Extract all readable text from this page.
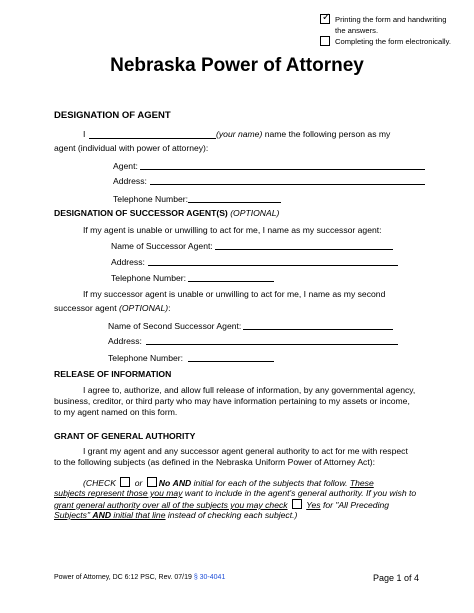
✓ Printing the form and handwriting
the answers.
Completing the form electronically.
Nebraska Power of Attorney
DESIGNATION OF AGENT
I	(your name) name the following person as my
agent (individual with power of attorney):
Agent:
Address:
Telephone Number:
DESIGNATION OF SUCCESSOR AGENT(S) (OPTIONAL)
If my agent is unable or unwilling to act for me, I name as my successor agent:
Name of Successor Agent:
Address:
Telephone Number:
If my successor agent is unable or unwilling to act for me, I name as my second
successor agent (OPTIONAL):
Name of Second Successor Agent:
Address:
Telephone Number:
RELEASE OF INFORMATION
I agree to, authorize, and allow full release of information, by any governmental agency,
business, creditor, or third party who may have information pertaining to my assets or income,
to my agent named on this form.
GRANT OF GENERAL AUTHORITY
I grant my agent and any successor agent general authority to act for me with respect
to the following subjects (as defined in the Nebraska Uniform Power of Attorney Act):
(CHECK  or No AND initial for each of the subjects that follow. These
subjects represent those you may want to include in the agent's general authority. If you wish to
grant general authority over all of the subjects you may check Yes for "All Preceding
Subjects" AND initial that line instead of checking each subject.)
Power of Attorney, DC 6:12 PSC, Rev. 07/19 § 30-4041	Page 1 of 4
